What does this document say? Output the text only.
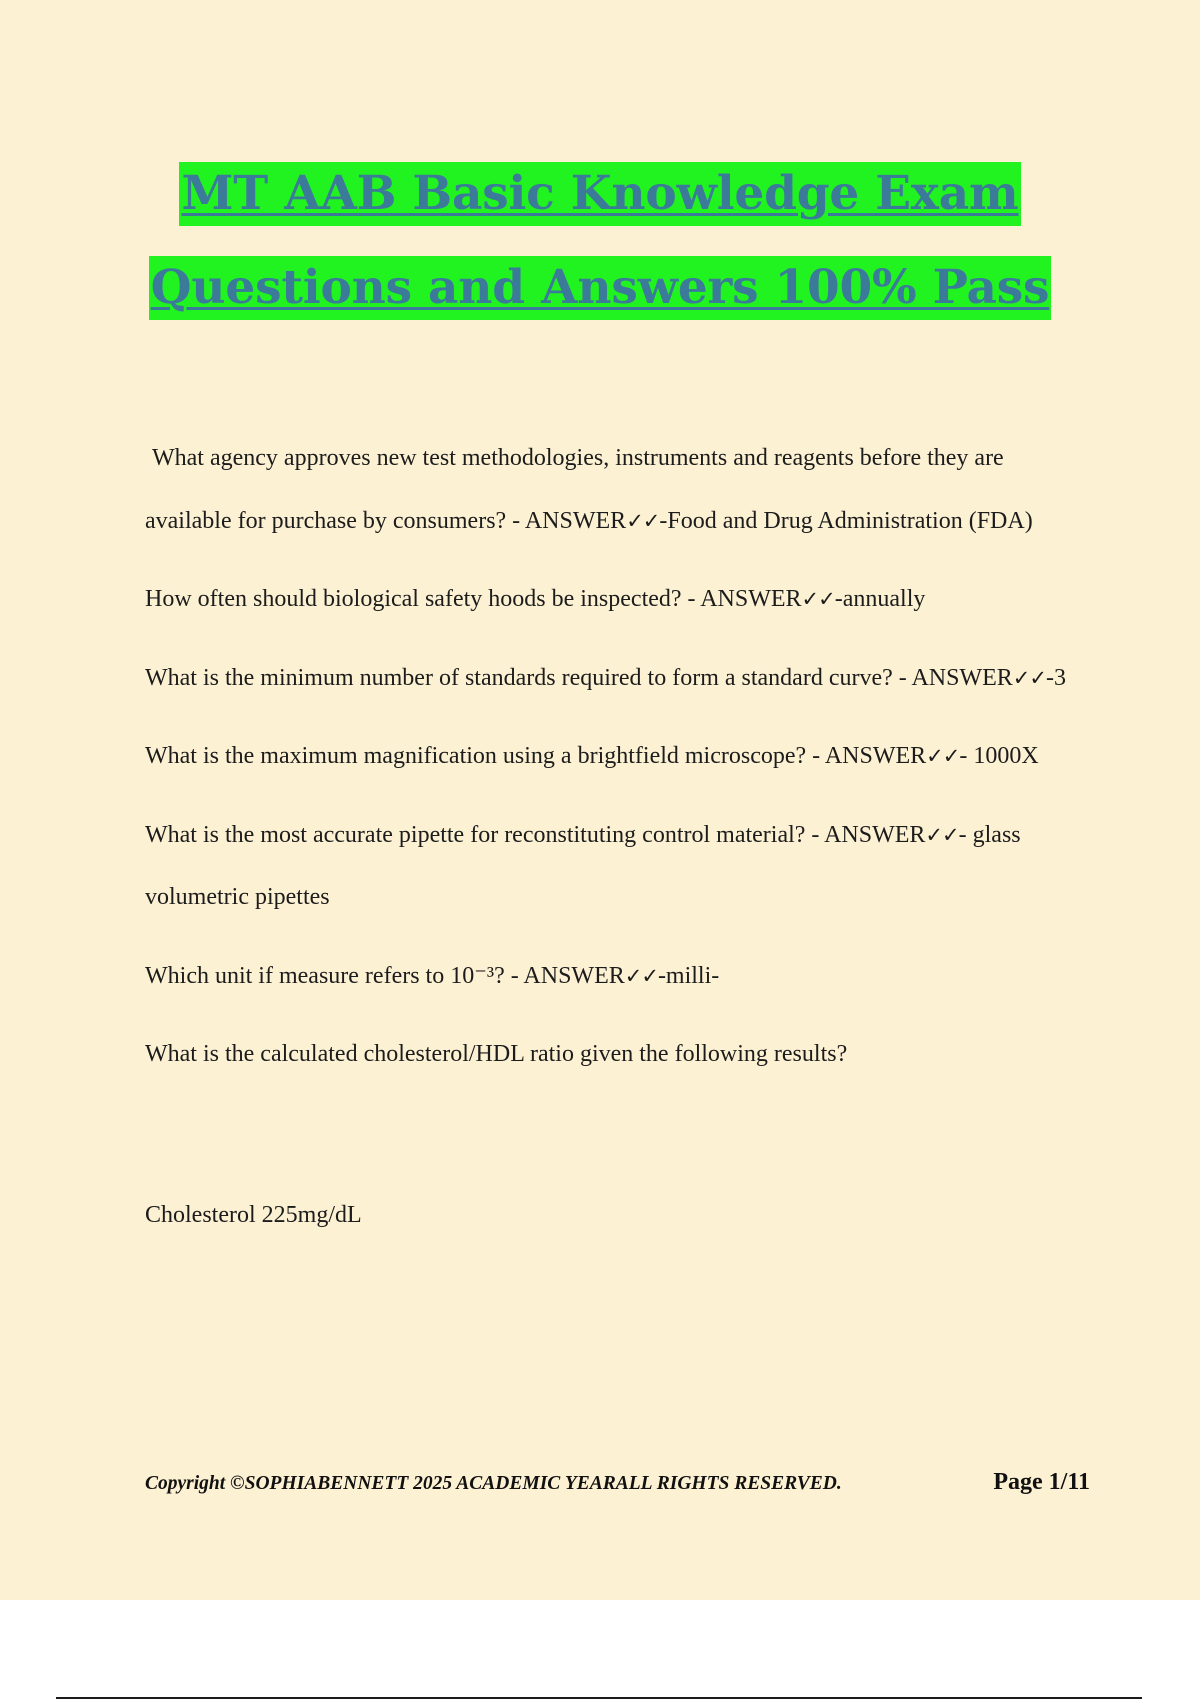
MT AAB Basic Knowledge Exam
Questions and Answers 100% Pass

What agency approves new test methodologies, instruments and reagents before they are available for purchase by consumers? - ANSWER✓✓-Food and Drug Administration (FDA)

How often should biological safety hoods be inspected? - ANSWER✓✓-annually

What is the minimum number of standards required to form a standard curve? - ANSWER✓✓-3

What is the maximum magnification using a brightfield microscope? - ANSWER✓✓- 1000X

What is the most accurate pipette for reconstituting control material? - ANSWER✓✓- glass volumetric pipettes

Which unit if measure refers to 10⁻³? - ANSWER✓✓-milli-

What is the calculated cholesterol/HDL ratio given the following results?

Cholesterol 225mg/dL

Copyright ©SOPHIABENNETT 2025 ACADEMIC YEARALL RIGHTS RESERVED.	Page 1/11
